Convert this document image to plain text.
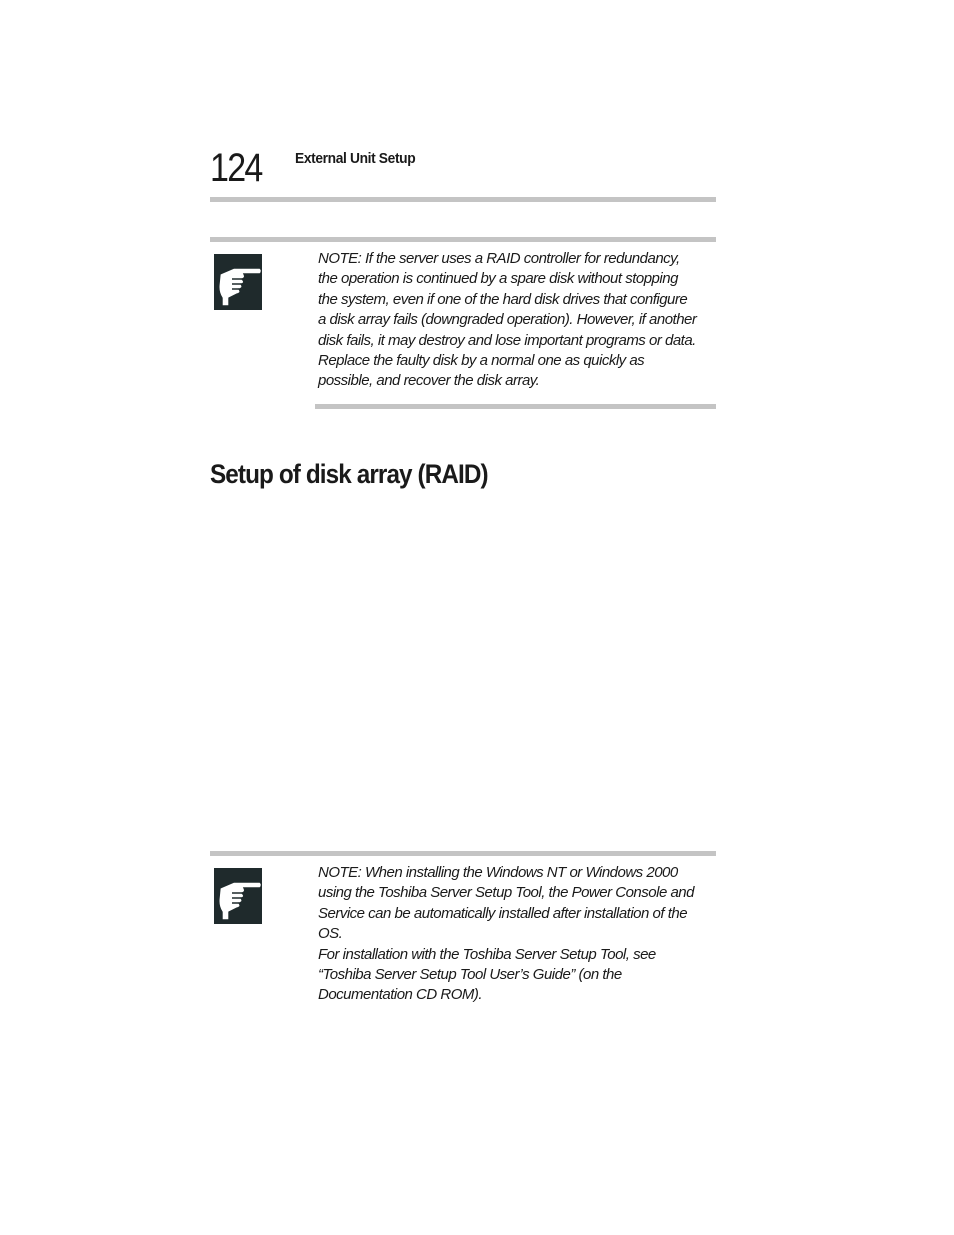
124 External Unit Setup

NOTE: If the server uses a RAID controller for redundancy, the operation is continued by a spare disk without stopping the system, even if one of the hard disk drives that configure a disk array fails (downgraded operation). However, if another disk fails, it may destroy and lose important programs or data. Replace the faulty disk by a normal one as quickly as possible, and recover the disk array.

Setup of disk array (RAID)

NOTE: When installing the Windows NT or Windows 2000 using the Toshiba Server Setup Tool, the Power Console and Service can be automatically installed after installation of the OS.

For installation with the Toshiba Server Setup Tool, see “Toshiba Server Setup Tool User’s Guide” (on the Documentation CD ROM).
